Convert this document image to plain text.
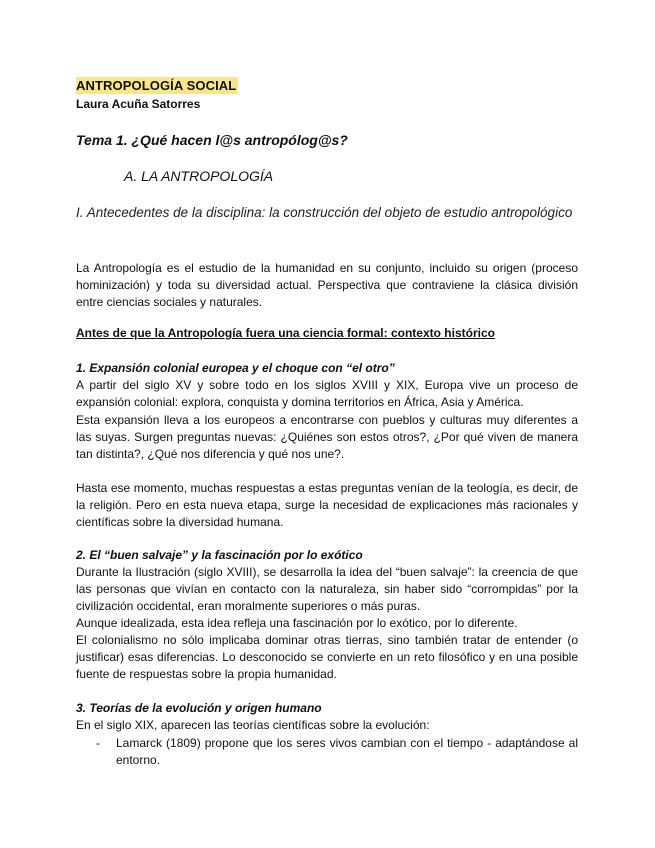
ANTROPOLOGÍA SOCIAL
Laura Acuña Satorres
Tema 1. ¿Qué hacen l@s antropólog@s?
A. LA ANTROPOLOGÍA

I. Antecedentes de la disciplina: la construcción del objeto de estudio antropológico

La Antropología es el estudio de la humanidad en su conjunto, incluido su origen (proceso hominización) y toda su diversidad actual. Perspectiva que contraviene la clásica división entre ciencias sociales y naturales.

Antes de que la Antropología fuera una ciencia formal: contexto histórico
1. Expansión colonial europea y el choque con “el otro”

A partir del siglo XV y sobre todo en los siglos XVIII y XIX, Europa vive un proceso de expansión colonial: explora, conquista y domina territorios en África, Asia y América.

Esta expansión lleva a los europeos a encontrarse con pueblos y culturas muy diferentes a las suyas. Surgen preguntas nuevas: ¿Quiénes son estos otros?, ¿Por qué viven de manera tan distinta?, ¿Qué nos diferencia y qué nos une?.

Hasta ese momento, muchas respuestas a estas preguntas venían de la teología, es decir, de la religión. Pero en esta nueva etapa, surge la necesidad de explicaciones más racionales y científicas sobre la diversidad humana.

2. El “buen salvaje” y la fascinación por lo exótico

Durante la Ilustración (siglo XVIII), se desarrolla la idea del “buen salvaje”: la creencia de que las personas que vivían en contacto con la naturaleza, sin haber sido “corrompidas” por la civilización occidental, eran moralmente superiores o más puras.

Aunque idealizada, esta idea refleja una fascinación por lo exótico, por lo diferente.

El colonialismo no sólo implicaba dominar otras tierras, sino también tratar de entender (o justificar) esas diferencias. Lo desconocido se convierte en un reto filosófico y en una posible fuente de respuestas sobre la propia humanidad.

3. Teorías de la evolución y origen humano

En el siglo XIX, aparecen las teorías científicas sobre la evolución:

-	Lamarck (1809) propone que los seres vivos cambian con el tiempo - adaptándose al entorno.
